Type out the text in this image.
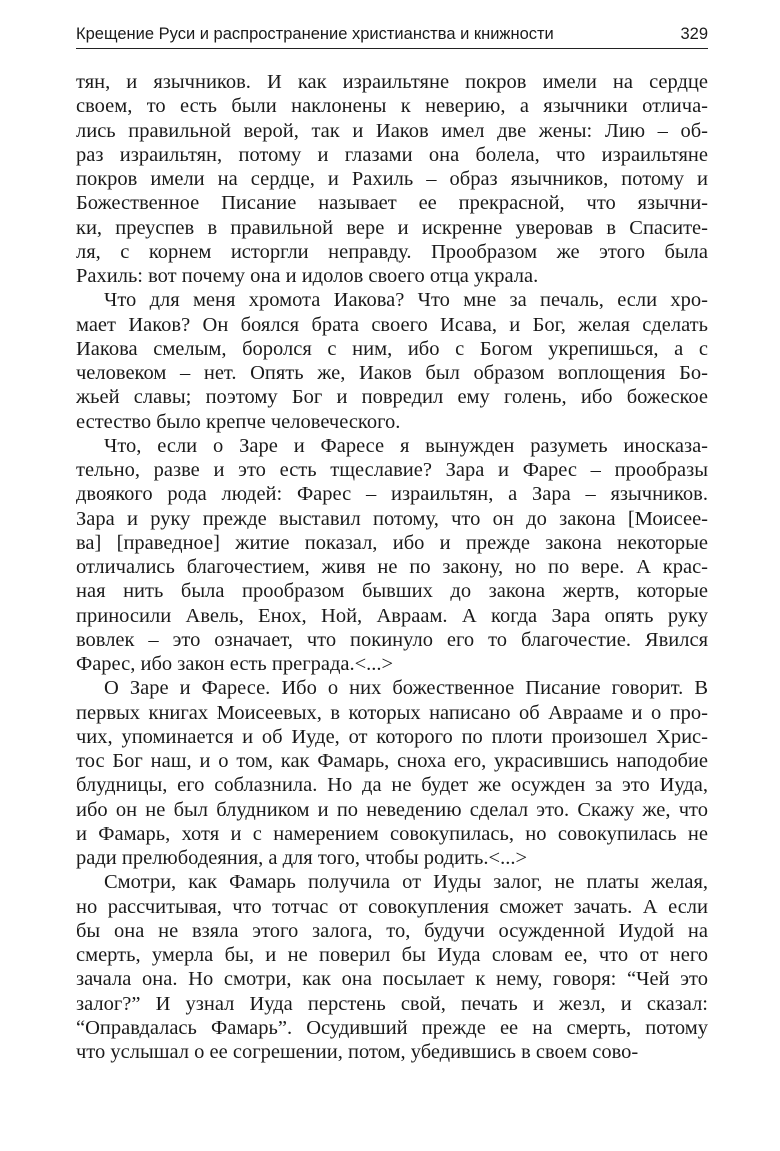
Крещение Руси и распространение христианства и книжности	329
тян, и язычников. И как израильтяне покров имели на сердце
своем, то есть были наклонены к неверию, а язычники отлича-
лись правильной верой, так и Иаков имел две жены: Лию – об-
раз израильтян, потому и глазами она болела, что израильтяне
покров имели на сердце, и Рахиль – образ язычников, потому и
Божественное Писание называет ее прекрасной, что язычни-
ки, преуспев в правильной вере и искренне уверовав в Спасите-
ля, с корнем исторгли неправду. Прообразом же этого была
Рахиль: вот почему она и идолов своего отца украла.
Что для меня хромота Иакова? Что мне за печаль, если хро-
мает Иаков? Он боялся брата своего Исава, и Бог, желая сделать
Иакова смелым, боролся с ним, ибо с Богом укрепишься, а с
человеком – нет. Опять же, Иаков был образом воплощения Бо-
жьей славы; поэтому Бог и повредил ему голень, ибо божеское
естество было крепче человеческого.
Что, если о Заре и Фаресе я вынужден разуметь иносказа-
тельно, разве и это есть тщеславие? Зара и Фарес – прообразы
двоякого рода людей: Фарес – израильтян, а Зара – язычников.
Зара и руку прежде выставил потому, что он до закона [Моисее-
ва] [праведное] житие показал, ибо и прежде закона некоторые
отличались благочестием, живя не по закону, но по вере. А крас-
ная нить была прообразом бывших до закона жертв, которые
приносили Авель, Енох, Ной, Авраам. А когда Зара опять руку
вовлек – это означает, что покинуло его то благочестие. Явился
Фарес, ибо закон есть преграда.<...>
О Заре и Фаресе. Ибо о них божественное Писание говорит. В
первых книгах Моисеевых, в которых написано об Аврааме и о про-
чих, упоминается и об Иуде, от которого по плоти произошел Хрис-
тос Бог наш, и о том, как Фамарь, сноха его, украсившись наподобие
блудницы, его соблазнила. Но да не будет же осужден за это Иуда,
ибо он не был блудником и по неведению сделал это. Скажу же, что
и Фамарь, хотя и с намерением совокупилась, но совокупилась не
ради прелюбодеяния, а для того, чтобы родить.<...>
Смотри, как Фамарь получила от Иуды залог, не платы желая,
но рассчитывая, что тотчас от совокупления сможет зачать. А если
бы она не взяла этого залога, то, будучи осужденной Иудой на
смерть, умерла бы, и не поверил бы Иуда словам ее, что от него
зачала она. Но смотри, как она посылает к нему, говоря: “Чей это
залог?” И узнал Иуда перстень свой, печать и жезл, и сказал:
“Оправдалась Фамарь”. Осудивший прежде ее на смерть, потому
что услышал о ее согрешении, потом, убедившись в своем сово-
